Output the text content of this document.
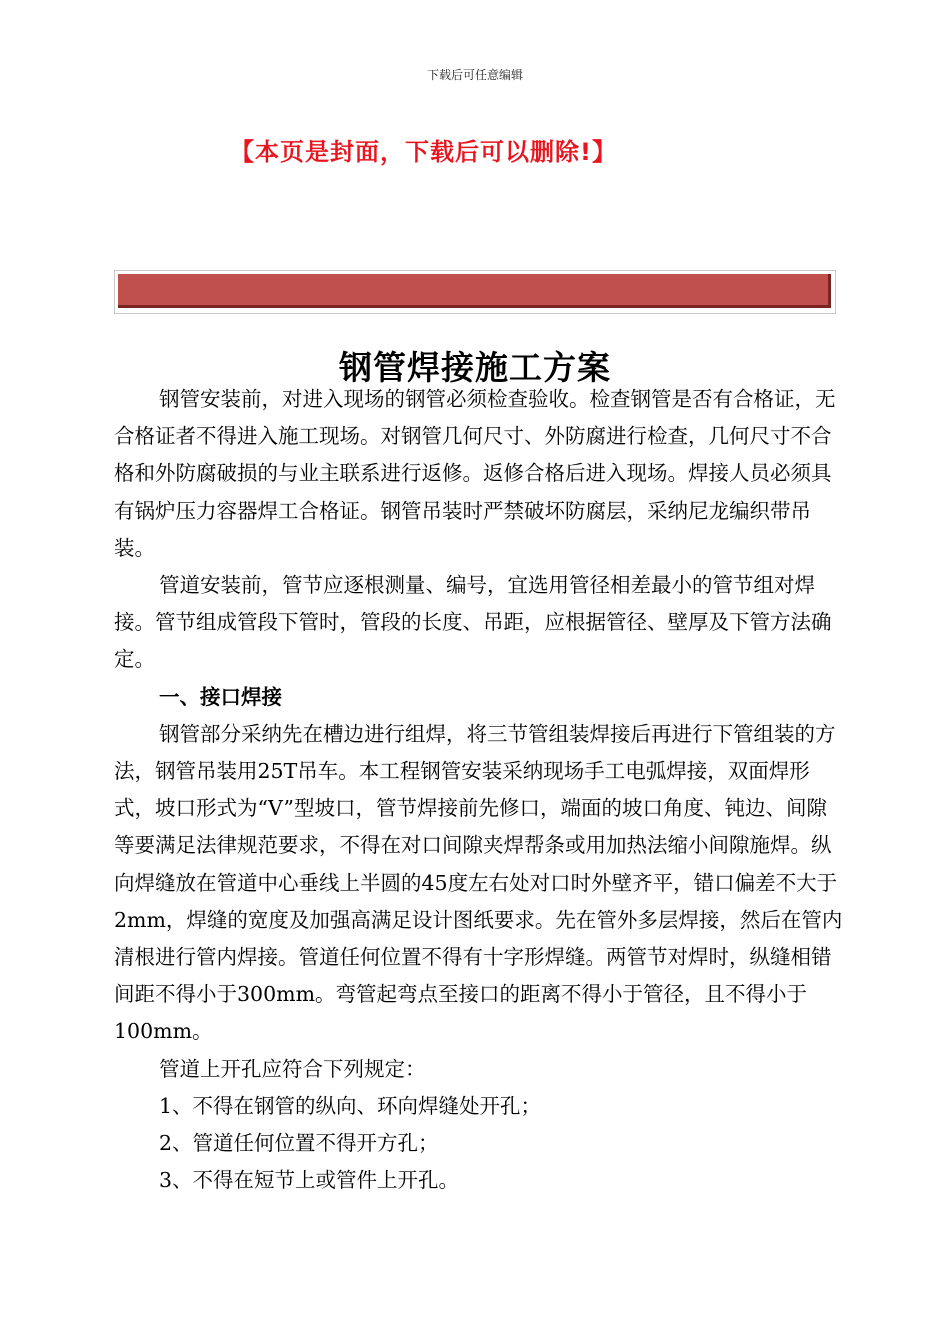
下载后可任意编辑
【本页是封面，下载后可以删除!】
钢管焊接施工方案

钢管安装前，对进入现场的钢管必须检查验收。检查钢管是否有合格证，无合格证者不得进入施工现场。对钢管几何尺寸、外防腐进行检查，几何尺寸不合格和外防腐破损的与业主联系进行返修。返修合格后进入现场。焊接人员必须具有锅炉压力容器焊工合格证。钢管吊装时严禁破坏防腐层，采纳尼龙编织带吊装。

管道安装前，管节应逐根测量、编号，宜选用管径相差最小的管节组对焊接。管节组成管段下管时，管段的长度、吊距，应根据管径、壁厚及下管方法确定。

一、接口焊接

钢管部分采纳先在槽边进行组焊，将三节管组装焊接后再进行下管组装的方法，钢管吊装用25T吊车。本工程钢管安装采纳现场手工电弧焊接，双面焊形式，坡口形式为“V”型坡口，管节焊接前先修口，端面的坡口角度、钝边、间隙等要满足法律规范要求，不得在对口间隙夹焊帮条或用加热法缩小间隙施焊。纵向焊缝放在管道中心垂线上半圆的45度左右处对口时外壁齐平，错口偏差不大于2mm，焊缝的宽度及加强高满足设计图纸要求。先在管外多层焊接，然后在管内清根进行管内焊接。管道任何位置不得有十字形焊缝。两管节对焊时，纵缝相错间距不得小于300mm。弯管起弯点至接口的距离不得小于管径，且不得小于100mm。

管道上开孔应符合下列规定：

1、不得在钢管的纵向、环向焊缝处开孔；

2、管道任何位置不得开方孔；

3、不得在短节上或管件上开孔。
